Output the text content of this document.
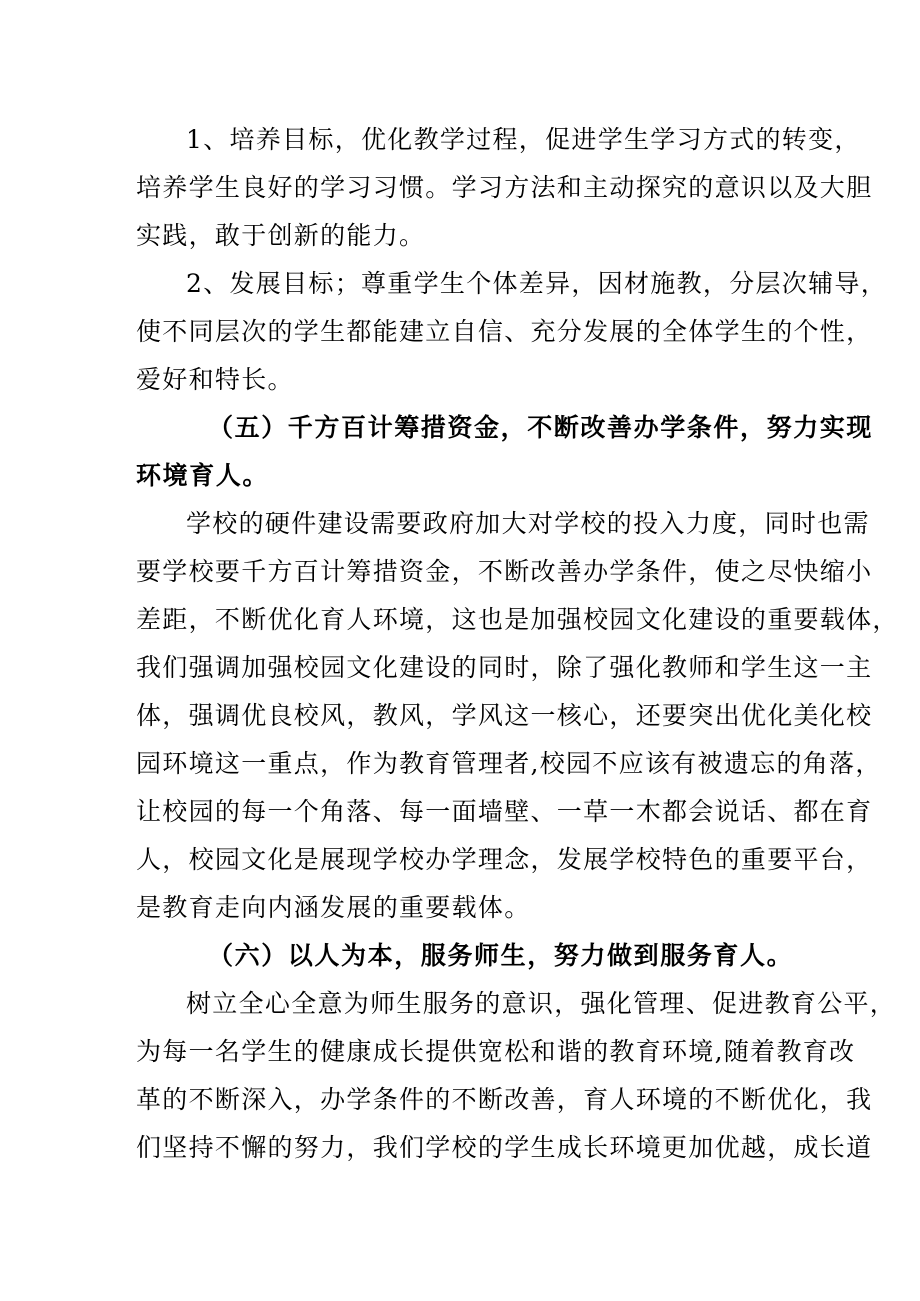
1、培养目标，优化教学过程，促进学生学习方式的转变，
培养学生良好的学习习惯。学习方法和主动探究的意识以及大胆
实践，敢于创新的能力。
2、发展目标；尊重学生个体差异，因材施教，分层次辅导，
使不同层次的学生都能建立自信、充分发展的全体学生的个性，
爱好和特长。
（五）千方百计筹措资金，不断改善办学条件，努力实现
环境育人。
学校的硬件建设需要政府加大对学校的投入力度，同时也需
要学校要千方百计筹措资金，不断改善办学条件，使之尽快缩小
差距，不断优化育人环境，这也是加强校园文化建设的重要载体，
我们强调加强校园文化建设的同时，除了强化教师和学生这一主
体，强调优良校风，教风，学风这一核心，还要突出优化美化校
园环境这一重点，作为教育管理者,校园不应该有被遗忘的角落，
让校园的每一个角落、每一面墙壁、一草一木都会说话、都在育
人，校园文化是展现学校办学理念，发展学校特色的重要平台，
是教育走向内涵发展的重要载体。
（六）以人为本，服务师生，努力做到服务育人。
树立全心全意为师生服务的意识，强化管理、促进教育公平，
为每一名学生的健康成长提供宽松和谐的教育环境,随着教育改
革的不断深入，办学条件的不断改善，育人环境的不断优化，我
们坚持不懈的努力，我们学校的学生成长环境更加优越，成长道
